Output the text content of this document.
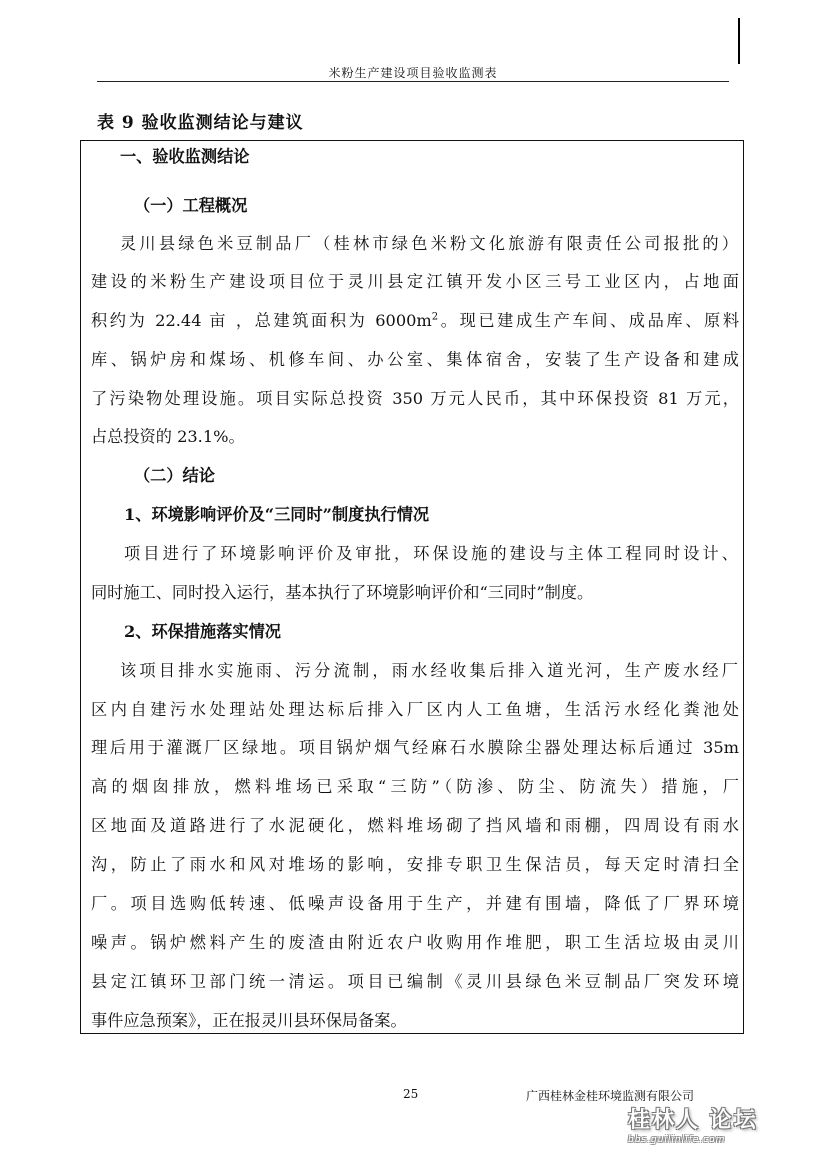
米粉生产建设项目验收监测表
表 9 验收监测结论与建议
一、验收监测结论
（一）工程概况
灵川县绿色米豆制品厂（桂林市绿色米粉文化旅游有限责任公司报批的）
建设的米粉生产建设项目位于灵川县定江镇开发小区三号工业区内，占地面
积约为 22.44 亩 ，总建筑面积为 $6000m^2$。现已建成生产车间、成品库、原料
库、锅炉房和煤场、机修车间、办公室、集体宿舍，安装了生产设备和建成
了污染物处理设施。项目实际总投资 350 万元人民币，其中环保投资 81 万元，
占总投资的 23.1%。
（二）结论
1、环境影响评价及“三同时”制度执行情况
项目进行了环境影响评价及审批，环保设施的建设与主体工程同时设计、
同时施工、同时投入运行，基本执行了环境影响评价和“三同时”制度。
2、环保措施落实情况
该项目排水实施雨、污分流制，雨水经收集后排入道光河，生产废水经厂
区内自建污水处理站处理达标后排入厂区内人工鱼塘，生活污水经化粪池处
理后用于灌溉厂区绿地。项目锅炉烟气经麻石水膜除尘器处理达标后通过 35m
高的烟囱排放，燃料堆场已采取“三防”（防渗、防尘、防流失）措施，厂
区地面及道路进行了水泥硬化，燃料堆场砌了挡风墙和雨棚，四周设有雨水
沟，防止了雨水和风对堆场的影响，安排专职卫生保洁员，每天定时清扫全
厂。项目选购低转速、低噪声设备用于生产，并建有围墙，降低了厂界环境
噪声。锅炉燃料产生的废渣由附近农户收购用作堆肥，职工生活垃圾由灵川
县定江镇环卫部门统一清运。项目已编制《灵川县绿色米豆制品厂突发环境
事件应急预案》，正在报灵川县环保局备案。
25	广西桂林金桂环境监测有限公司
桂林人 论坛
bbs.guilinlife.com
